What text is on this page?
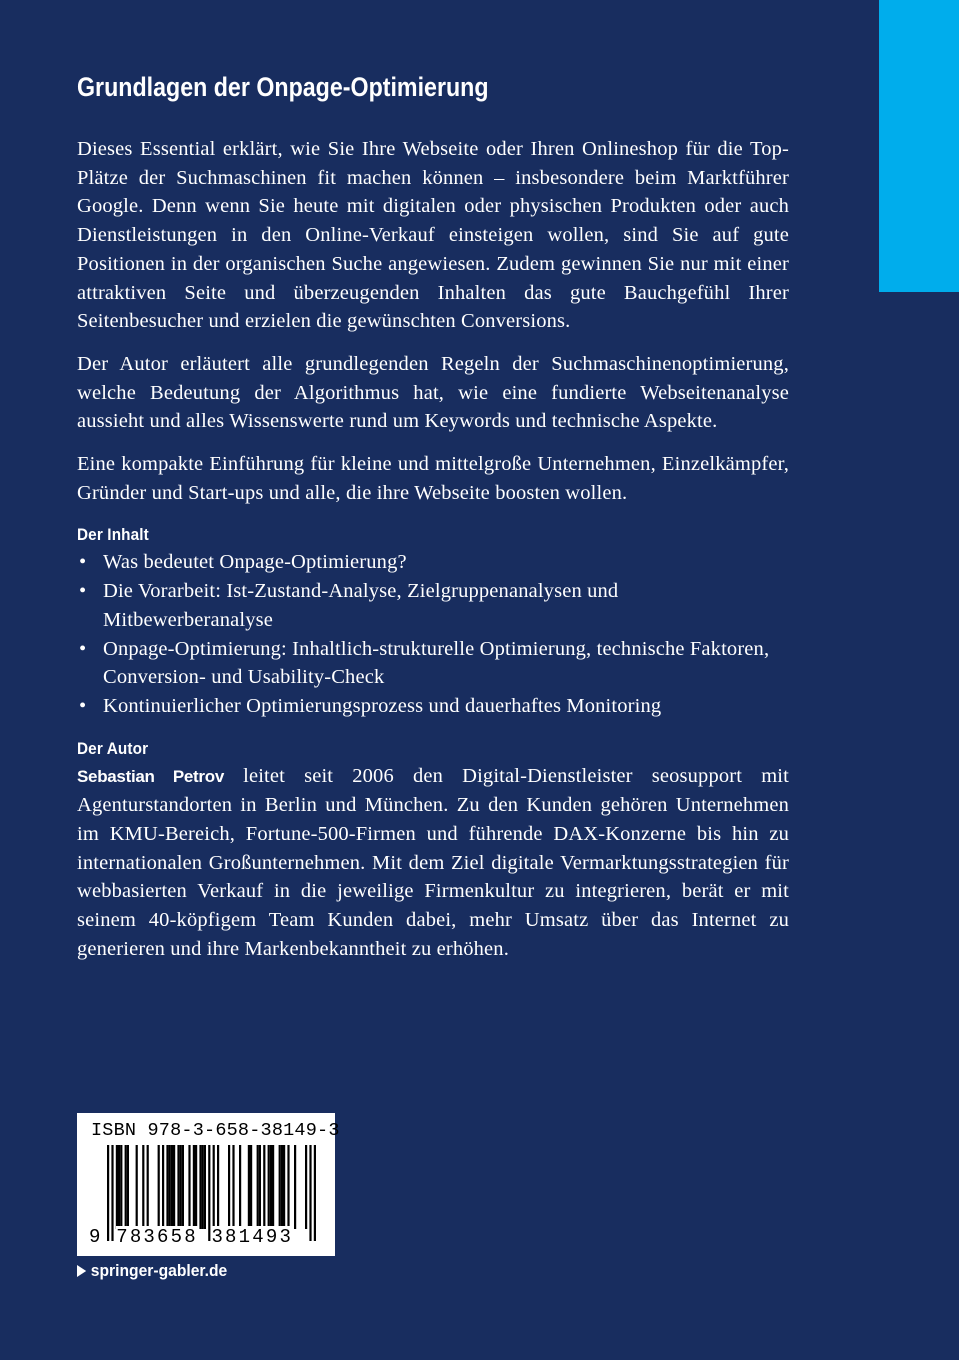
Grundlagen der Onpage-Optimierung

Dieses Essential erklärt, wie Sie Ihre Webseite oder Ihren Onlineshop für die Top-Plätze der Suchmaschinen fit machen können – insbesondere beim Marktführer Google. Denn wenn Sie heute mit digitalen oder physischen Produkten oder auch Dienstleistungen in den Online-Verkauf einsteigen wollen, sind Sie auf gute Positionen in der organischen Suche angewiesen. Zudem gewinnen Sie nur mit einer attraktiven Seite und überzeugenden Inhalten das gute Bauchgefühl Ihrer Seitenbesucher und erzielen die gewünschten Conversions.

Der Autor erläutert alle grundlegenden Regeln der Suchmaschinenoptimierung, welche Bedeutung der Algorithmus hat, wie eine fundierte Webseitenanalyse aussieht und alles Wissenswerte rund um Keywords und technische Aspekte.

Eine kompakte Einführung für kleine und mittelgroße Unternehmen, Einzelkämpfer, Gründer und Start-ups und alle, die ihre Webseite boosten wollen.

Der Inhalt
• Was bedeutet Onpage-Optimierung?
• Die Vorarbeit: Ist-Zustand-Analyse, Zielgruppenanalysen und Mitbewerberanalyse
• Onpage-Optimierung: Inhaltlich-strukturelle Optimierung, technische Faktoren, Conversion- und Usability-Check
• Kontinuierlicher Optimierungsprozess und dauerhaftes Monitoring
Der Autor

Sebastian Petrov leitet seit 2006 den Digital-Dienstleister seosupport mit Agenturstandorten in Berlin und München. Zu den Kunden gehören Unternehmen im KMU-Bereich, Fortune-500-Firmen und führende DAX-Konzerne bis hin zu internationalen Großunternehmen. Mit dem Ziel digitale Vermarktungsstrategien für webbasierten Verkauf in die jeweilige Firmenkultur zu integrieren, berät er mit seinem 40-köpfigem Team Kunden dabei, mehr Umsatz über das Internet zu generieren und ihre Markenbekanntheit zu erhöhen.

ISBN 978-3-658-38149-3
9 783658 381493
springer-gabler.de
